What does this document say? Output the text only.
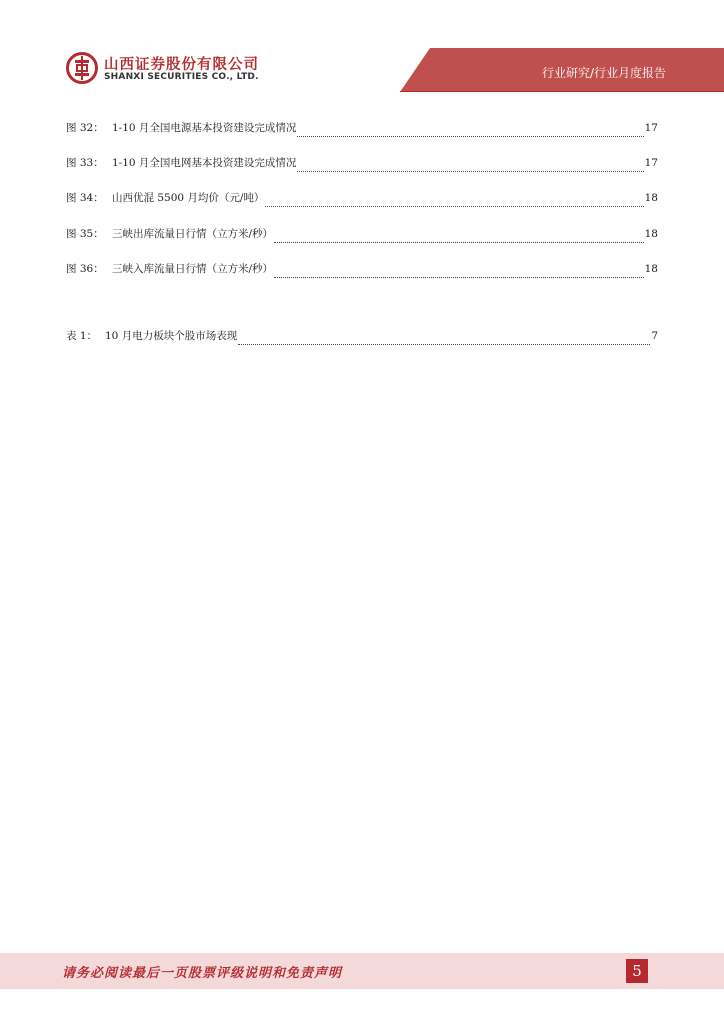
山西证券股份有限公司
SHANXI SECURITIES CO., LTD.	行业研究/行业月度报告
图 32： 1-10 月全国电源基本投资建设完成情况	17
图 33： 1-10 月全国电网基本投资建设完成情况	17
图 34： 山西优混 5500 月均价（元/吨）	18
图 35： 三峡出库流量日行情（立方米/秒）	18
图 36： 三峡入库流量日行情（立方米/秒）	18
表 1： 10 月电力板块个股市场表现	7
请务必阅读最后一页股票评级说明和免责声明	5
